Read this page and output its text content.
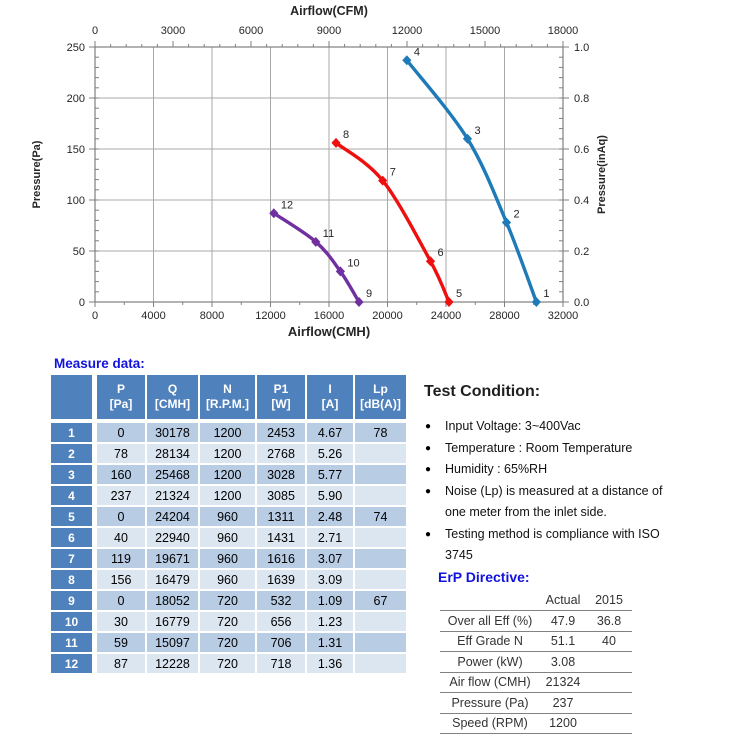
0	3000	6000	9000	12000	15000	18000
0	4000	8000	12000	16000	20000	24000	28000	32000
0
50
100
150
200
250
0.0
0.2
0.4
0.6
0.8
1.0
Airflow(CFM)
Airflow(CMH)
Pressure(Pa)	Pressure(inAq)
4
3
2
1
8
7
6
5
12
11
10
9
Measure data:

P
[Pa]

Q
[CMH]

N
[R.P.M.]

P1
[W]

I
[A]

Lp
[dB(A)]

1	0	30178	1200	2453	4.67	78
2	78	28134	1200	2768	5.26	
3	160	25468	1200	3028	5.77	
4	237	21324	1200	3085	5.90	
5	0	24204	960	1311	2.48	74
6	40	22940	960	1431	2.71	
7	119	19671	960	1616	3.07	
8	156	16479	960	1639	3.09	
9	0	18052	720	532	1.09	67
10	30	16779	720	656	1.23	
11	59	15097	720	706	1.31	
12	87	12228	720	718	1.36	
Test Condition:
● Input Voltage: 3~400Vac
● Temperature : Room Temperature
● Humidity : 65%RH
● Noise (Lp) is measured at a distance of one meter from the inlet side.
● Testing method is compliance with ISO 3745
ErP Directive:
	Actual	2015
Over all Eff (%)	47.9	36.8
Eff Grade N	51.1	40
Power (kW)	3.08	
Air flow (CMH)	21324	
Pressure (Pa)	237	
Speed (RPM)	1200	
